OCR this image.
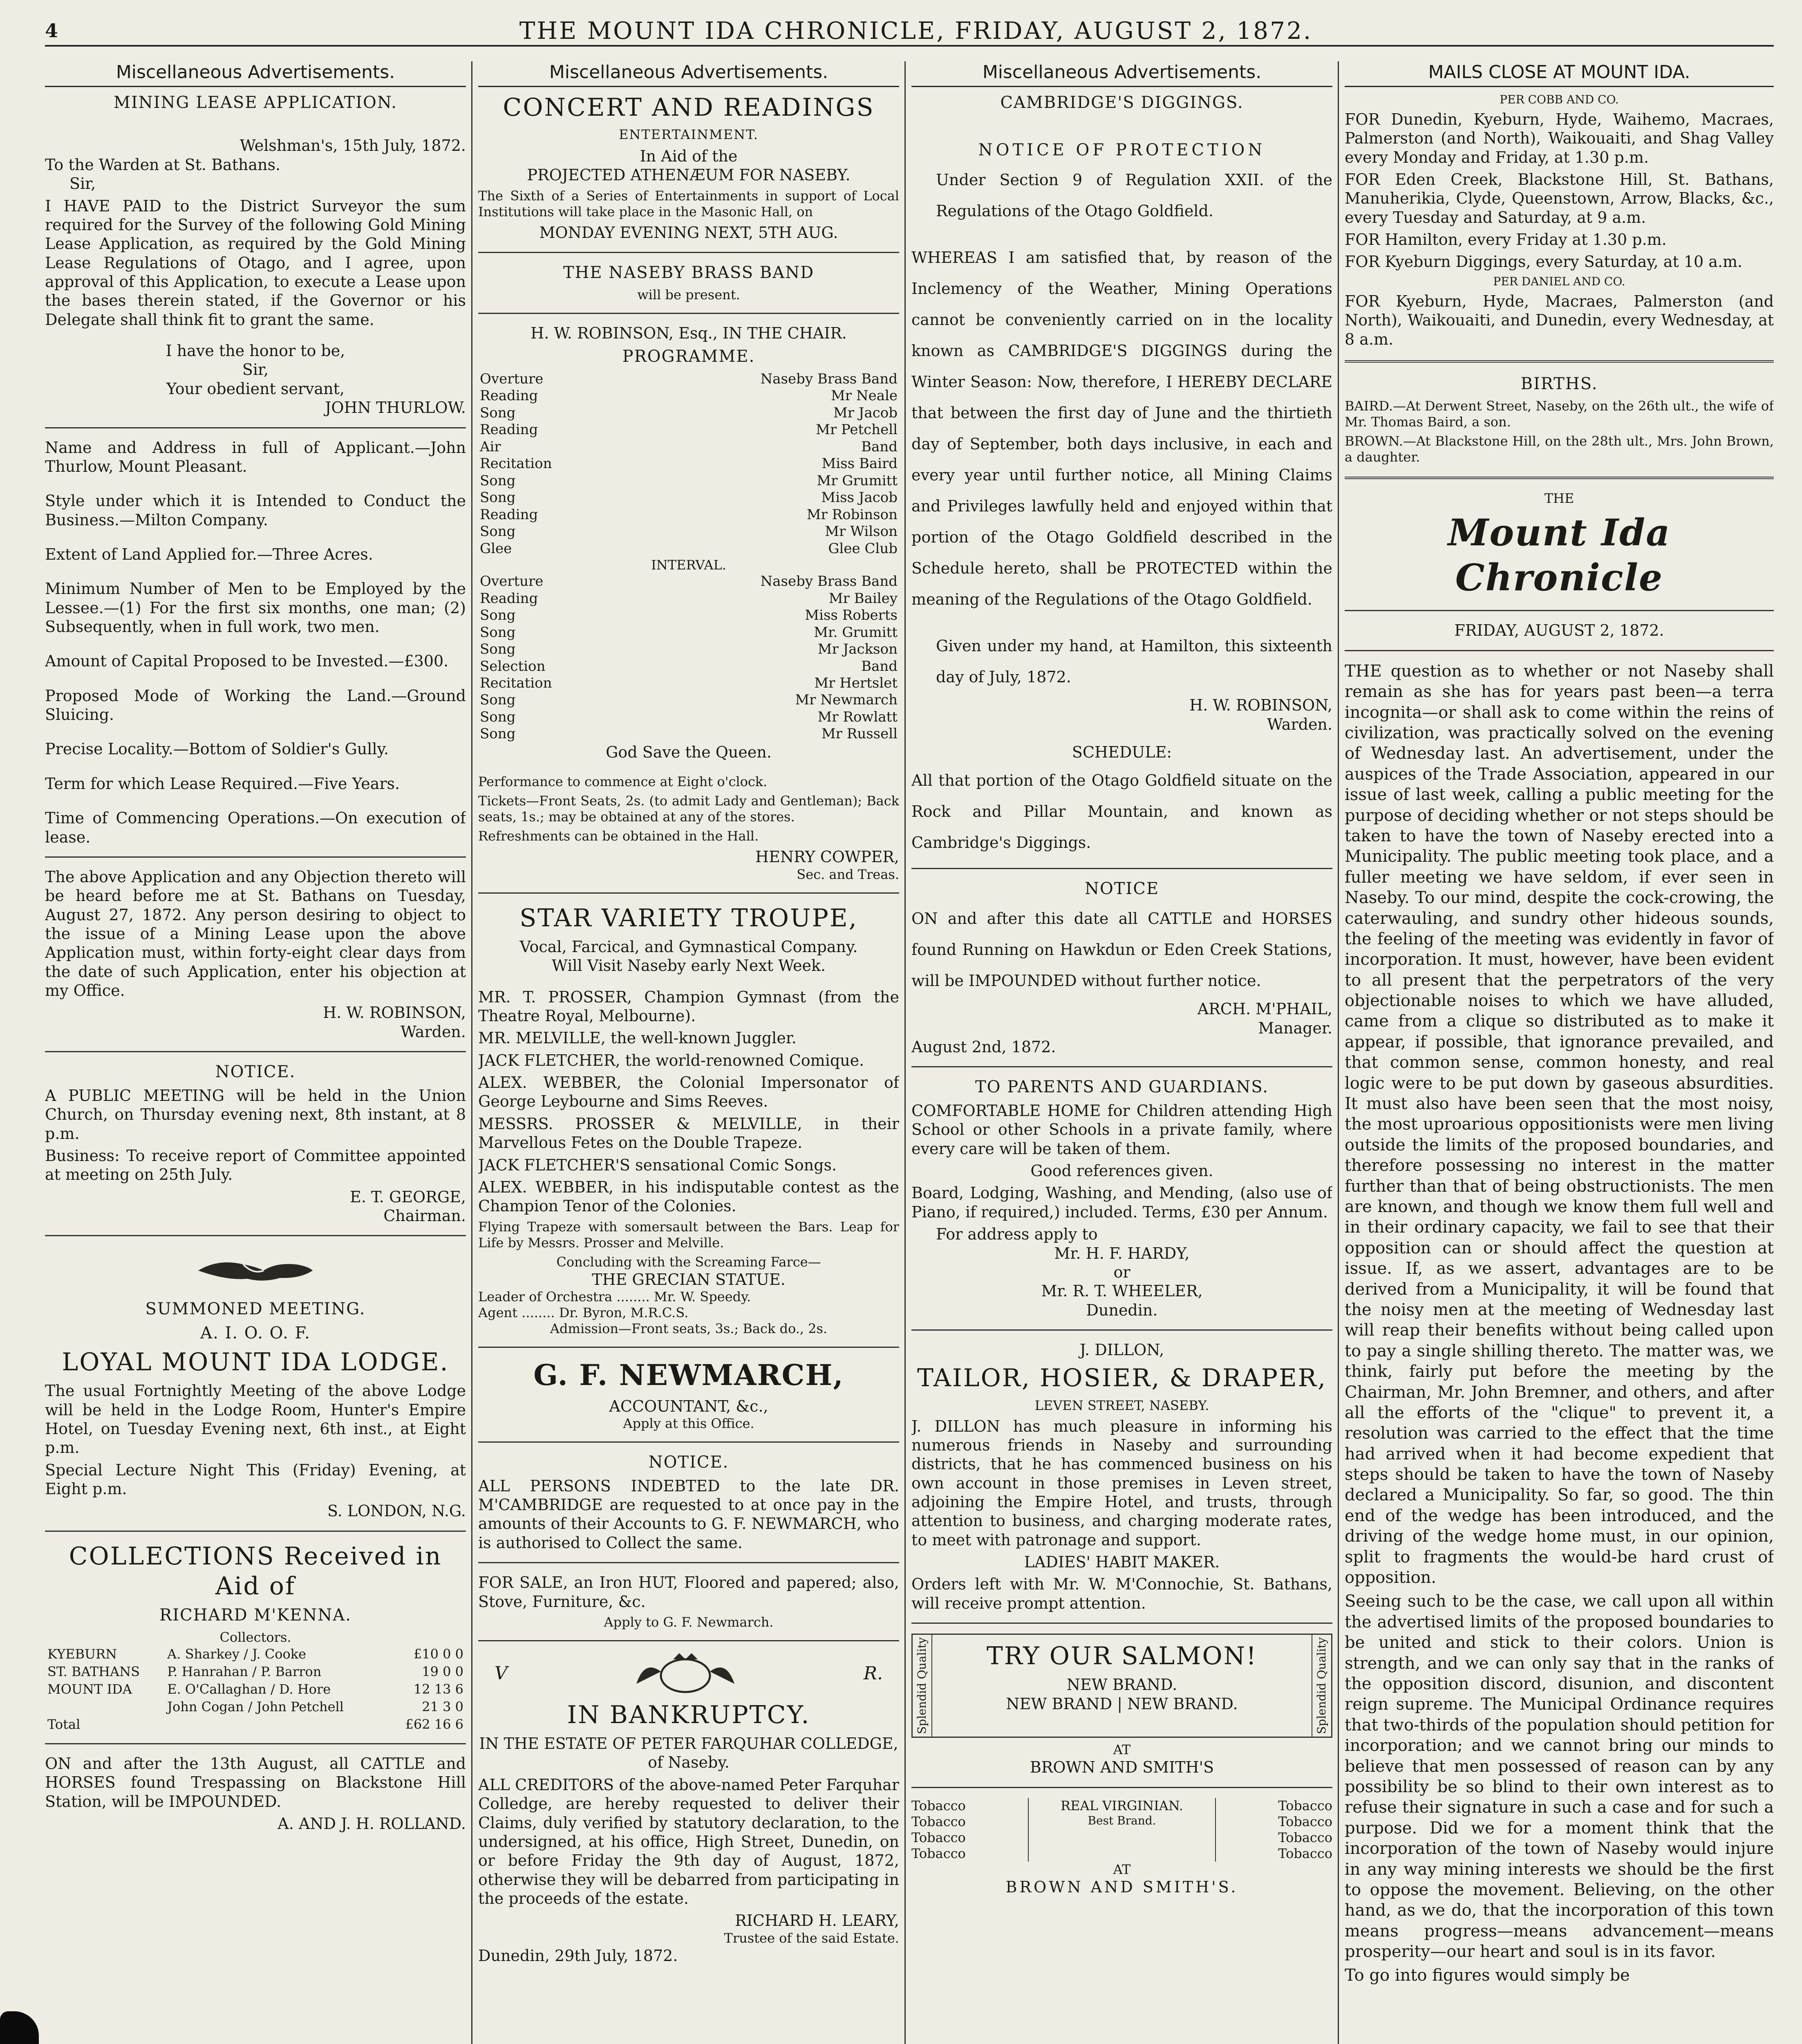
4	THE MOUNT IDA CHRONICLE, FRIDAY, AUGUST 2, 1872.
Miscellaneous Advertisements.
MINING LEASE APPLICATION.
Welshman's, 15th July, 1872.
To the Warden at St. Bathans.
Sir,

I HAVE PAID to the District Surveyor the sum required for the Survey of the following Gold Mining Lease Application, as required by the Gold Mining Lease Regulations of Otago, and I agree, upon approval of this Application, to execute a Lease upon the bases therein stated, if the Governor or his Delegate shall think fit to grant the same.

I have the honor to be,
Sir,
Your obedient servant,
JOHN THURLOW.

Name and Address in full of Applicant.—John Thurlow, Mount Pleasant.

Style under which it is Intended to Conduct the Business.—Milton Company.

Extent of Land Applied for.—Three Acres.

Minimum Number of Men to be Employed by the Lessee.—(1) For the first six months, one man; (2) Subsequently, when in full work, two men.

Amount of Capital Proposed to be Invested.—£300.

Proposed Mode of Working the Land.—Ground Sluicing.

Precise Locality.—Bottom of Soldier's Gully.

Term for which Lease Required.—Five Years.

Time of Commencing Operations.—On execution of lease.

The above Application and any Objection thereto will be heard before me at St. Bathans on Tuesday, August 27, 1872. Any person desiring to object to the issue of a Mining Lease upon the above Application must, within forty-eight clear days from the date of such Application, enter his objection at my Office.

H. W. ROBINSON,
Warden.
NOTICE.

A PUBLIC MEETING will be held in the Union Church, on Thursday evening next, 8th instant, at 8 p.m.

Business: To receive report of Committee appointed at meeting on 25th July.

E. T. GEORGE,
Chairman.
SUMMONED MEETING.
A. I. O. O. F.
LOYAL MOUNT IDA LODGE.

The usual Fortnightly Meeting of the above Lodge will be held in the Lodge Room, Hunter's Empire Hotel, on Tuesday Evening next, 6th inst., at Eight p.m.

Special Lecture Night This (Friday) Evening, at Eight p.m.

S. LONDON, N.G.
COLLECTIONS Received in Aid of
RICHARD M'KENNA.
Collectors.
KYEBURN	A. Sharkey / J. Cooke	£10 0 0
ST. BATHANS	P. Hanrahan / P. Barron	19 0 0
MOUNT IDA	E. O'Callaghan / D. Hore	12 13 6
	John Cogan / John Petchell	21 3 0
Total		£62 16 6

ON and after the 13th August, all CATTLE and HORSES found Trespassing on Blackstone Hill Station, will be IMPOUNDED.

A. AND J. H. ROLLAND.
Miscellaneous Advertisements.
CONCERT AND READINGS
ENTERTAINMENT.
In Aid of the
PROJECTED ATHENÆUM FOR NASEBY.

The Sixth of a Series of Entertainments in support of Local Institutions will take place in the Masonic Hall, on

MONDAY EVENING NEXT, 5TH AUG.
THE NASEBY BRASS BAND
will be present.
H. W. ROBINSON, Esq., IN THE CHAIR.
PROGRAMME.
Overture	Naseby Brass Band
Reading	Mr Neale
Song	Mr Jacob
Reading	Mr Petchell
Air	Band
Recitation	Miss Baird
Song	Mr Grumitt
Song	Miss Jacob
Reading	Mr Robinson
Song	Mr Wilson
Glee	Glee Club
INTERVAL.
Overture	Naseby Brass Band
Reading	Mr Bailey
Song	Miss Roberts
Song	Mr. Grumitt
Song	Mr Jackson
Selection	Band
Recitation	Mr Hertslet
Song	Mr Newmarch
Song	Mr Rowlatt
Song	Mr Russell
God Save the Queen.

Performance to commence at Eight o'clock.

Tickets—Front Seats, 2s. (to admit Lady and Gentleman); Back seats, 1s.; may be obtained at any of the stores.

Refreshments can be obtained in the Hall.

HENRY COWPER,
Sec. and Treas.
STAR VARIETY TROUPE,
Vocal, Farcical, and Gymnastical Company.
Will Visit Naseby early Next Week.

MR. T. PROSSER, Champion Gymnast (from the Theatre Royal, Melbourne).

MR. MELVILLE, the well-known Juggler.

JACK FLETCHER, the world-renowned Comique.

ALEX. WEBBER, the Colonial Impersonator of George Leybourne and Sims Reeves.

MESSRS. PROSSER & MELVILLE, in their Marvellous Fetes on the Double Trapeze.

JACK FLETCHER'S sensational Comic Songs.

ALEX. WEBBER, in his indisputable contest as the Champion Tenor of the Colonies.

Flying Trapeze with somersault between the Bars. Leap for Life by Messrs. Prosser and Melville.

Concluding with the Screaming Farce—
THE GRECIAN STATUE.
Leader of Orchestra ........ Mr. W. Speedy.
Agent ........ Dr. Byron, M.R.C.S.
Admission—Front seats, 3s.; Back do., 2s.
G. F. NEWMARCH,
ACCOUNTANT, &c.,
Apply at this Office.
NOTICE.

ALL PERSONS INDEBTED to the late DR. M'CAMBRIDGE are requested to at once pay in the amounts of their Accounts to G. F. NEWMARCH, who is authorised to Collect the same.

FOR SALE, an Iron HUT, Floored and papered; also, Stove, Furniture, &c.

Apply to G. F. Newmarch.
V	R.
IN BANKRUPTCY.
IN THE ESTATE OF PETER FARQUHAR COLLEDGE, of Naseby.

ALL CREDITORS of the above-named Peter Farquhar Colledge, are hereby requested to deliver their Claims, duly verified by statutory declaration, to the undersigned, at his office, High Street, Dunedin, on or before Friday the 9th day of August, 1872, otherwise they will be debarred from participating in the proceeds of the estate.

RICHARD H. LEARY,
Trustee of the said Estate.
Dunedin, 29th July, 1872.
Miscellaneous Advertisements.
CAMBRIDGE'S DIGGINGS.
NOTICE OF PROTECTION

Under Section 9 of Regulation XXII. of the Regulations of the Otago Goldfield.

WHEREAS I am satisfied that, by reason of the Inclemency of the Weather, Mining Operations cannot be conveniently carried on in the locality known as CAMBRIDGE'S DIGGINGS during the Winter Season: Now, therefore, I HEREBY DECLARE that between the first day of June and the thirtieth day of September, both days inclusive, in each and every year until further notice, all Mining Claims and Privileges lawfully held and enjoyed within that portion of the Otago Goldfield described in the Schedule hereto, shall be PROTECTED within the meaning of the Regulations of the Otago Goldfield.

Given under my hand, at Hamilton, this sixteenth day of July, 1872.

H. W. ROBINSON,
Warden.
SCHEDULE:

All that portion of the Otago Goldfield situate on the Rock and Pillar Mountain, and known as Cambridge's Diggings.

NOTICE

ON and after this date all CATTLE and HORSES found Running on Hawkdun or Eden Creek Stations, will be IMPOUNDED without further notice.

ARCH. M'PHAIL,
Manager.
August 2nd, 1872.
TO PARENTS AND GUARDIANS.

COMFORTABLE HOME for Children attending High School or other Schools in a private family, where every care will be taken of them.

Good references given.

Board, Lodging, Washing, and Mending, (also use of Piano, if required,) included. Terms, £30 per Annum.

For address apply to
Mr. H. F. HARDY,
or
Mr. R. T. WHEELER,
Dunedin.
J. DILLON,
TAILOR, HOSIER, & DRAPER,
LEVEN STREET, NASEBY.

J. DILLON has much pleasure in informing his numerous friends in Naseby and surrounding districts, that he has commenced business on his own account in those premises in Leven street, adjoining the Empire Hotel, and trusts, through attention to business, and charging moderate rates, to meet with patronage and support.

LADIES' HABIT MAKER.

Orders left with Mr. W. M'Connochie, St. Bathans, will receive prompt attention.

Splendid Quality	TRY OUR SALMON!
NEW BRAND.
NEW BRAND | NEW BRAND.	Splendid Quality
AT
BROWN AND SMITH'S
Tobacco
Tobacco
Tobacco
Tobacco
REAL VIRGINIAN.
Best Brand.
Tobacco
Tobacco
Tobacco
Tobacco
AT
BROWN AND SMITH'S.
MAILS CLOSE AT MOUNT IDA.
PER COBB AND CO.

FOR Dunedin, Kyeburn, Hyde, Waihemo, Macraes, Palmerston (and North), Waikouaiti, and Shag Valley every Monday and Friday, at 1.30 p.m.

FOR Eden Creek, Blackstone Hill, St. Bathans, Manuherikia, Clyde, Queenstown, Arrow, Blacks, &c., every Tuesday and Saturday, at 9 a.m.

FOR Hamilton, every Friday at 1.30 p.m.

FOR Kyeburn Diggings, every Saturday, at 10 a.m.

PER DANIEL AND CO.

FOR Kyeburn, Hyde, Macraes, Palmerston (and North), Waikouaiti, and Dunedin, every Wednesday, at 8 a.m.

BIRTHS.

BAIRD.—At Derwent Street, Naseby, on the 26th ult., the wife of Mr. Thomas Baird, a son.

BROWN.—At Blackstone Hill, on the 28th ult., Mrs. John Brown, a daughter.

THE
Mount Ida Chronicle
FRIDAY, AUGUST 2, 1872.

THE question as to whether or not Naseby shall remain as she has for years past been—a terra incognita—or shall ask to come within the reins of civilization, was practically solved on the evening of Wednesday last. An advertisement, under the auspices of the Trade Association, appeared in our issue of last week, calling a public meeting for the purpose of deciding whether or not steps should be taken to have the town of Naseby erected into a Municipality. The public meeting took place, and a fuller meeting we have seldom, if ever seen in Naseby. To our mind, despite the cock-crowing, the caterwauling, and sundry other hideous sounds, the feeling of the meeting was evidently in favor of incorporation. It must, however, have been evident to all present that the perpetrators of the very objectionable noises to which we have alluded, came from a clique so distributed as to make it appear, if possible, that ignorance prevailed, and that common sense, common honesty, and real logic were to be put down by gaseous absurdities. It must also have been seen that the most noisy, the most uproarious oppositionists were men living outside the limits of the proposed boundaries, and therefore possessing no interest in the matter further than that of being obstructionists. The men are known, and though we know them full well and in their ordinary capacity, we fail to see that their opposition can or should affect the question at issue. If, as we assert, advantages are to be derived from a Municipality, it will be found that the noisy men at the meeting of Wednesday last will reap their benefits without being called upon to pay a single shilling thereto. The matter was, we think, fairly put before the meeting by the Chairman, Mr. John Bremner, and others, and after all the efforts of the "clique" to prevent it, a resolution was carried to the effect that the time had arrived when it had become expedient that steps should be taken to have the town of Naseby declared a Municipality. So far, so good. The thin end of the wedge has been introduced, and the driving of the wedge home must, in our opinion, split to fragments the would-be hard crust of opposition.

Seeing such to be the case, we call upon all within the advertised limits of the proposed boundaries to be united and stick to their colors. Union is strength, and we can only say that in the ranks of the opposition discord, disunion, and discontent reign supreme. The Municipal Ordinance requires that two-thirds of the population should petition for incorporation; and we cannot bring our minds to believe that men possessed of reason can by any possibility be so blind to their own interest as to refuse their signature in such a case and for such a purpose. Did we for a moment think that the incorporation of the town of Naseby would injure in any way mining interests we should be the first to oppose the movement. Believing, on the other hand, as we do, that the incorporation of this town means progress—means advancement—means prosperity—our heart and soul is in its favor.

To go into figures would simply be
